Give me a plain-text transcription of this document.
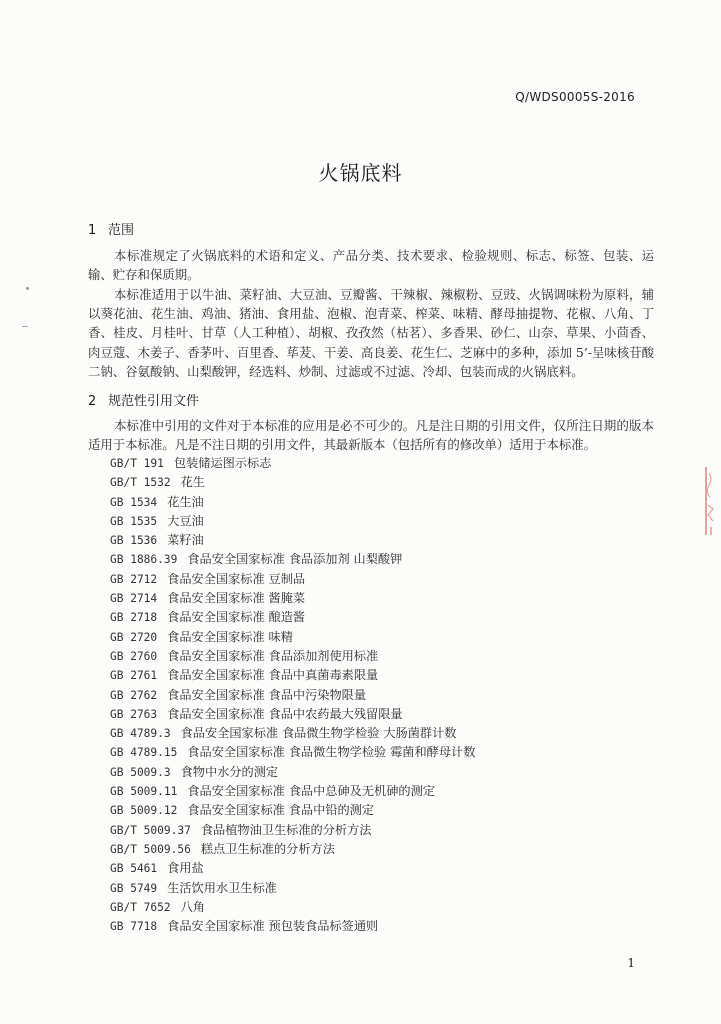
Q/WDS0005S-2016
火锅底料
1 范围

本标准规定了火锅底料的术语和定义、产品分类、技术要求、检验规则、标志、标签、包装、运输、贮存和保质期。

本标准适用于以牛油、菜籽油、大豆油、豆瓣酱、干辣椒、辣椒粉、豆豉、火锅调味粉为原料，辅以葵花油、花生油、鸡油、猪油、食用盐、泡椒、泡青菜、榨菜、味精、酵母抽提物、花椒、八角、丁香、桂皮、月桂叶、甘草（人工种植）、胡椒、孜孜然（枯茗）、多香果、砂仁、山奈、草果、小茴香、肉豆蔻、木姜子、香茅叶、百里香、荜茇、干姜、高良姜、花生仁、芝麻中的多种，添加 5’-呈味核苷酸二钠、谷氨酸钠、山梨酸钾，经选料、炒制、过滤或不过滤、冷却、包装而成的火锅底料。

2 规范性引用文件

本标准中引用的文件对于本标准的应用是必不可少的。凡是注日期的引用文件，仅所注日期的版本适用于本标准。凡是不注日期的引用文件，其最新版本（包括所有的修改单）适用于本标准。

GB/T 191 包装储运图示标志
GB/T 1532 花生
GB 1534 花生油
GB 1535 大豆油
GB 1536 菜籽油
GB 1886.39 食品安全国家标准 食品添加剂 山梨酸钾
GB 2712 食品安全国家标准 豆制品
GB 2714 食品安全国家标准 酱腌菜
GB 2718 食品安全国家标准 酿造酱
GB 2720 食品安全国家标准 味精
GB 2760 食品安全国家标准 食品添加剂使用标准
GB 2761 食品安全国家标准 食品中真菌毒素限量
GB 2762 食品安全国家标准 食品中污染物限量
GB 2763 食品安全国家标准 食品中农药最大残留限量
GB 4789.3 食品安全国家标准 食品微生物学检验 大肠菌群计数
GB 4789.15 食品安全国家标准 食品微生物学检验 霉菌和酵母计数
GB 5009.3 食物中水分的测定
GB 5009.11 食品安全国家标准 食品中总砷及无机砷的测定
GB 5009.12 食品安全国家标准 食品中铅的测定
GB/T 5009.37 食品植物油卫生标准的分析方法
GB/T 5009.56 糕点卫生标准的分析方法
GB 5461 食用盐
GB 5749 生活饮用水卫生标准
GB/T 7652 八角
GB 7718 食品安全国家标准 预包装食品标签通则
1
